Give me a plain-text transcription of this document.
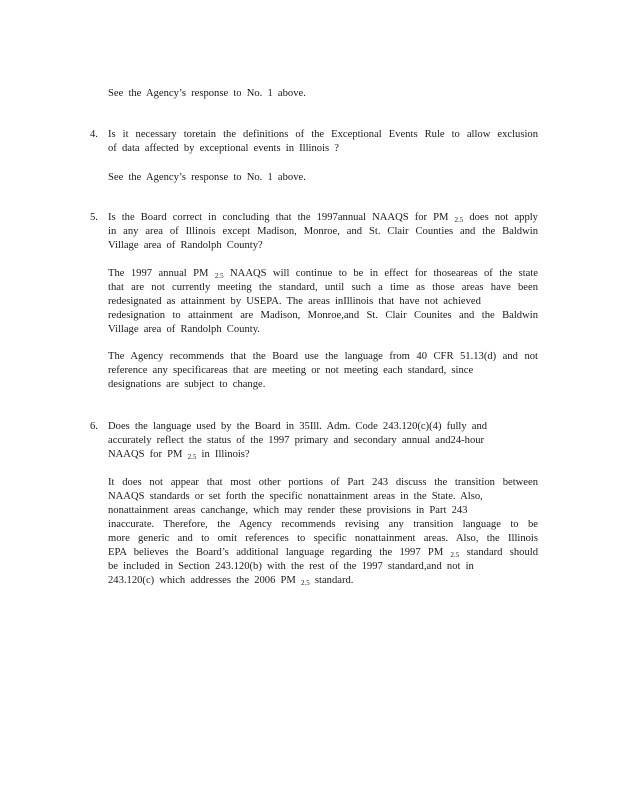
See the Agency’s response to No. 1 above.
4. Is it necessary toretain the definitions of the Exceptional Events Rule to allow exclusion
of data affected by exceptional events in Illinois ?
See the Agency’s response to No. 1 above.
5. Is the Board correct in concluding that the 1997annual NAAQS for PM $_{2.5}$ does not apply
in any area of Illinois except Madison, Monroe, and St. Clair Counties and the Baldwin
Village area of Randolph County?
The 1997 annual PM $_{2.5}$ NAAQS will continue to be in effect for thoseareas of the state
that are not currently meeting the standard, until such a time as those areas have been
redesignated as attainment by USEPA. The areas inIllinois that have not achieved
redesignation to attainment are Madison, Monroe,and St. Clair Counites and the Baldwin
Village area of Randolph County.
The Agency recommends that the Board use the language from 40 CFR 51.13(d) and not
reference any specificareas that are meeting or not meeting each standard, since
designations are subject to change.
6. Does the language used by the Board in 35Ill. Adm. Code 243.120(c)(4) fully and
accurately reflect the status of the 1997 primary and secondary annual and24-hour
NAAQS for PM $_{2.5}$ in Illinois?
It does not appear that most other portions of Part 243 discuss the transition between
NAAQS standards or set forth the specific nonattainment areas in the State. Also,
nonattainment areas canchange, which may render these provisions in Part 243
inaccurate. Therefore, the Agency recommends revising any transition language to be
more generic and to omit references to specific nonattainment areas. Also, the Illinois
EPA believes the Board’s additional language regarding the 1997 PM $_{2.5}$ standard should
be included in Section 243.120(b) with the rest of the 1997 standard,and not in
243.120(c) which addresses the 2006 PM $_{2.5}$ standard.
